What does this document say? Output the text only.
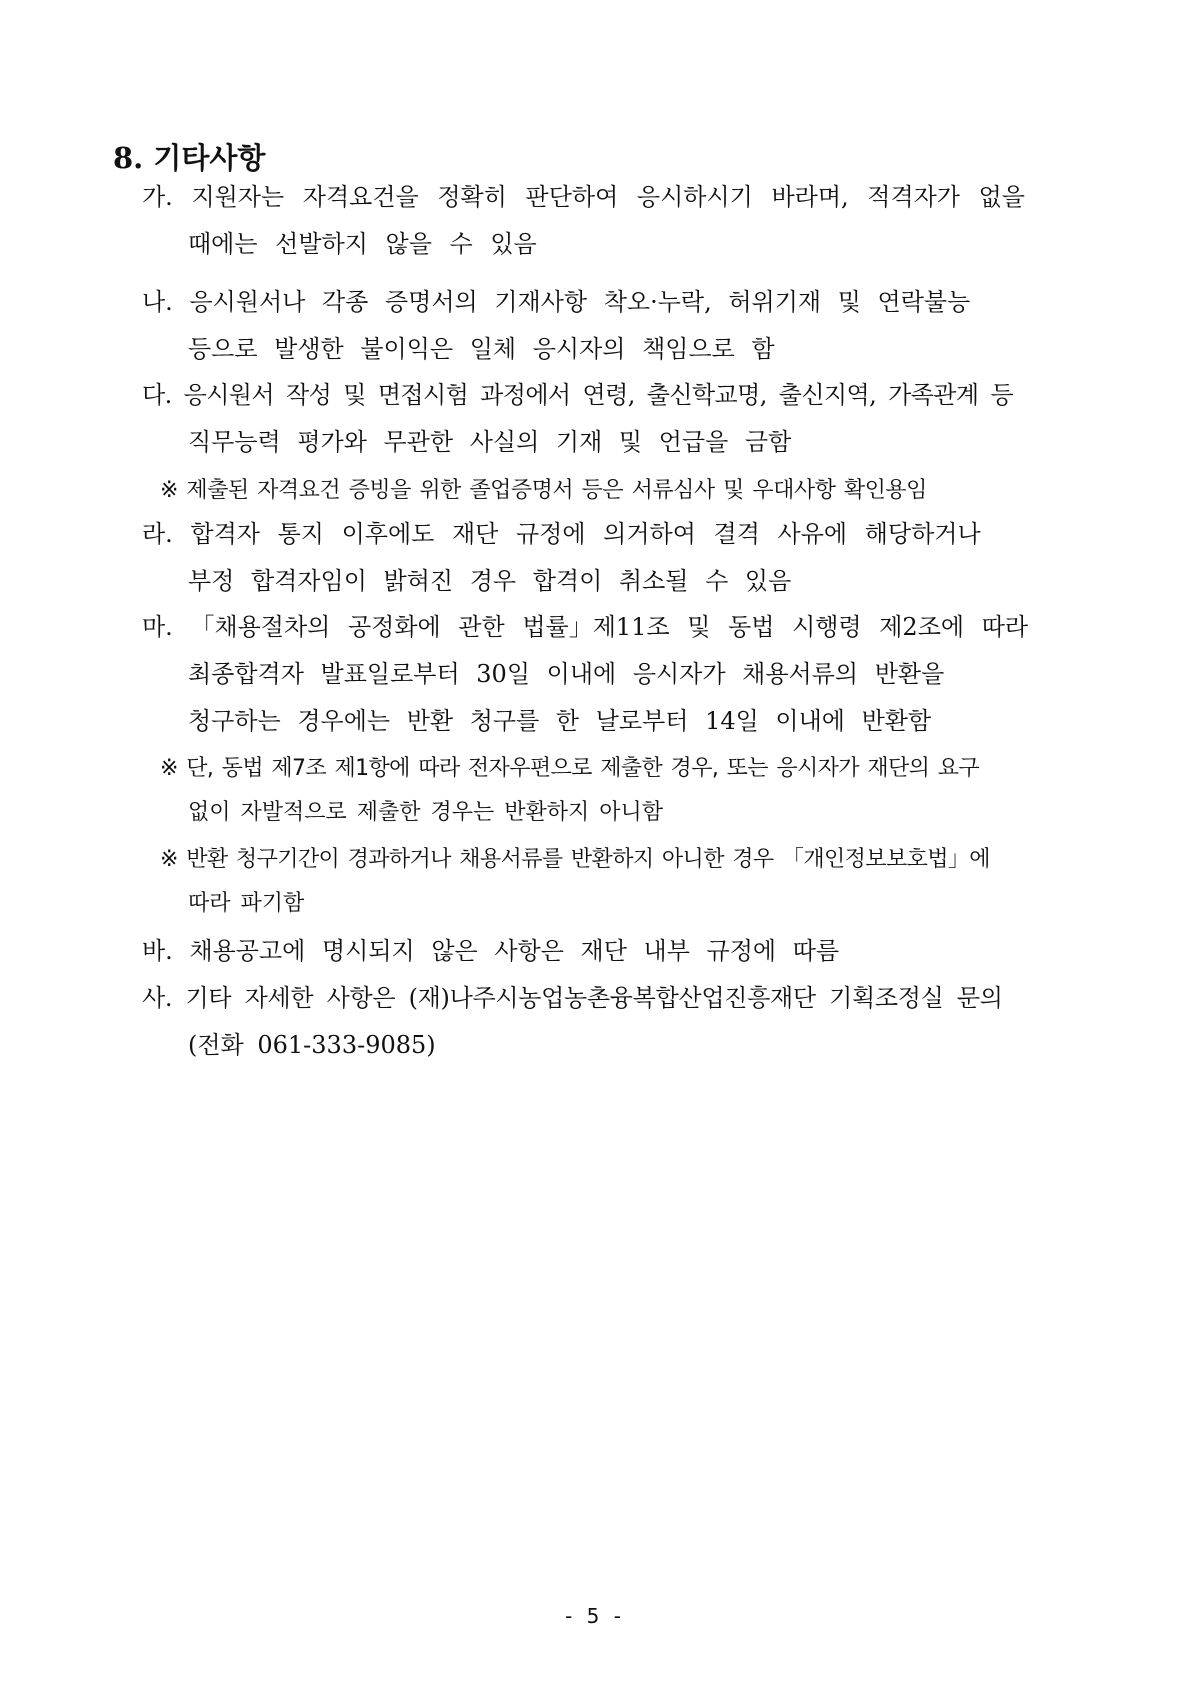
8. 기타사항
가. 지원자는 자격요건을 정확히 판단하여 응시하시기 바라며, 적격자가 없을
때에는 선발하지 않을 수 있음
나. 응시원서나 각종 증명서의 기재사항 착오·누락, 허위기재 및 연락불능
등으로 발생한 불이익은 일체 응시자의 책임으로 함
다. 응시원서 작성 및 면접시험 과정에서 연령, 출신학교명, 출신지역, 가족관계 등
직무능력 평가와 무관한 사실의 기재 및 언급을 금함
※ 제출된 자격요건 증빙을 위한 졸업증명서 등은 서류심사 및 우대사항 확인용임
라. 합격자 통지 이후에도 재단 규정에 의거하여 결격 사유에 해당하거나
부정 합격자임이 밝혀진 경우 합격이 취소될 수 있음
마. 「채용절차의 공정화에 관한 법률」제11조 및 동법 시행령 제2조에 따라
최종합격자 발표일로부터 30일 이내에 응시자가 채용서류의 반환을
청구하는 경우에는 반환 청구를 한 날로부터 14일 이내에 반환함
※ 단, 동법 제7조 제1항에 따라 전자우편으로 제출한 경우, 또는 응시자가 재단의 요구
없이 자발적으로 제출한 경우는 반환하지 아니함
※ 반환 청구기간이 경과하거나 채용서류를 반환하지 아니한 경우 「개인정보보호법」에
따라 파기함
바. 채용공고에 명시되지 않은 사항은 재단 내부 규정에 따름
사. 기타 자세한 사항은 (재)나주시농업농촌융복합산업진흥재단 기획조정실 문의
(전화 061-333-9085)
- 5 -
